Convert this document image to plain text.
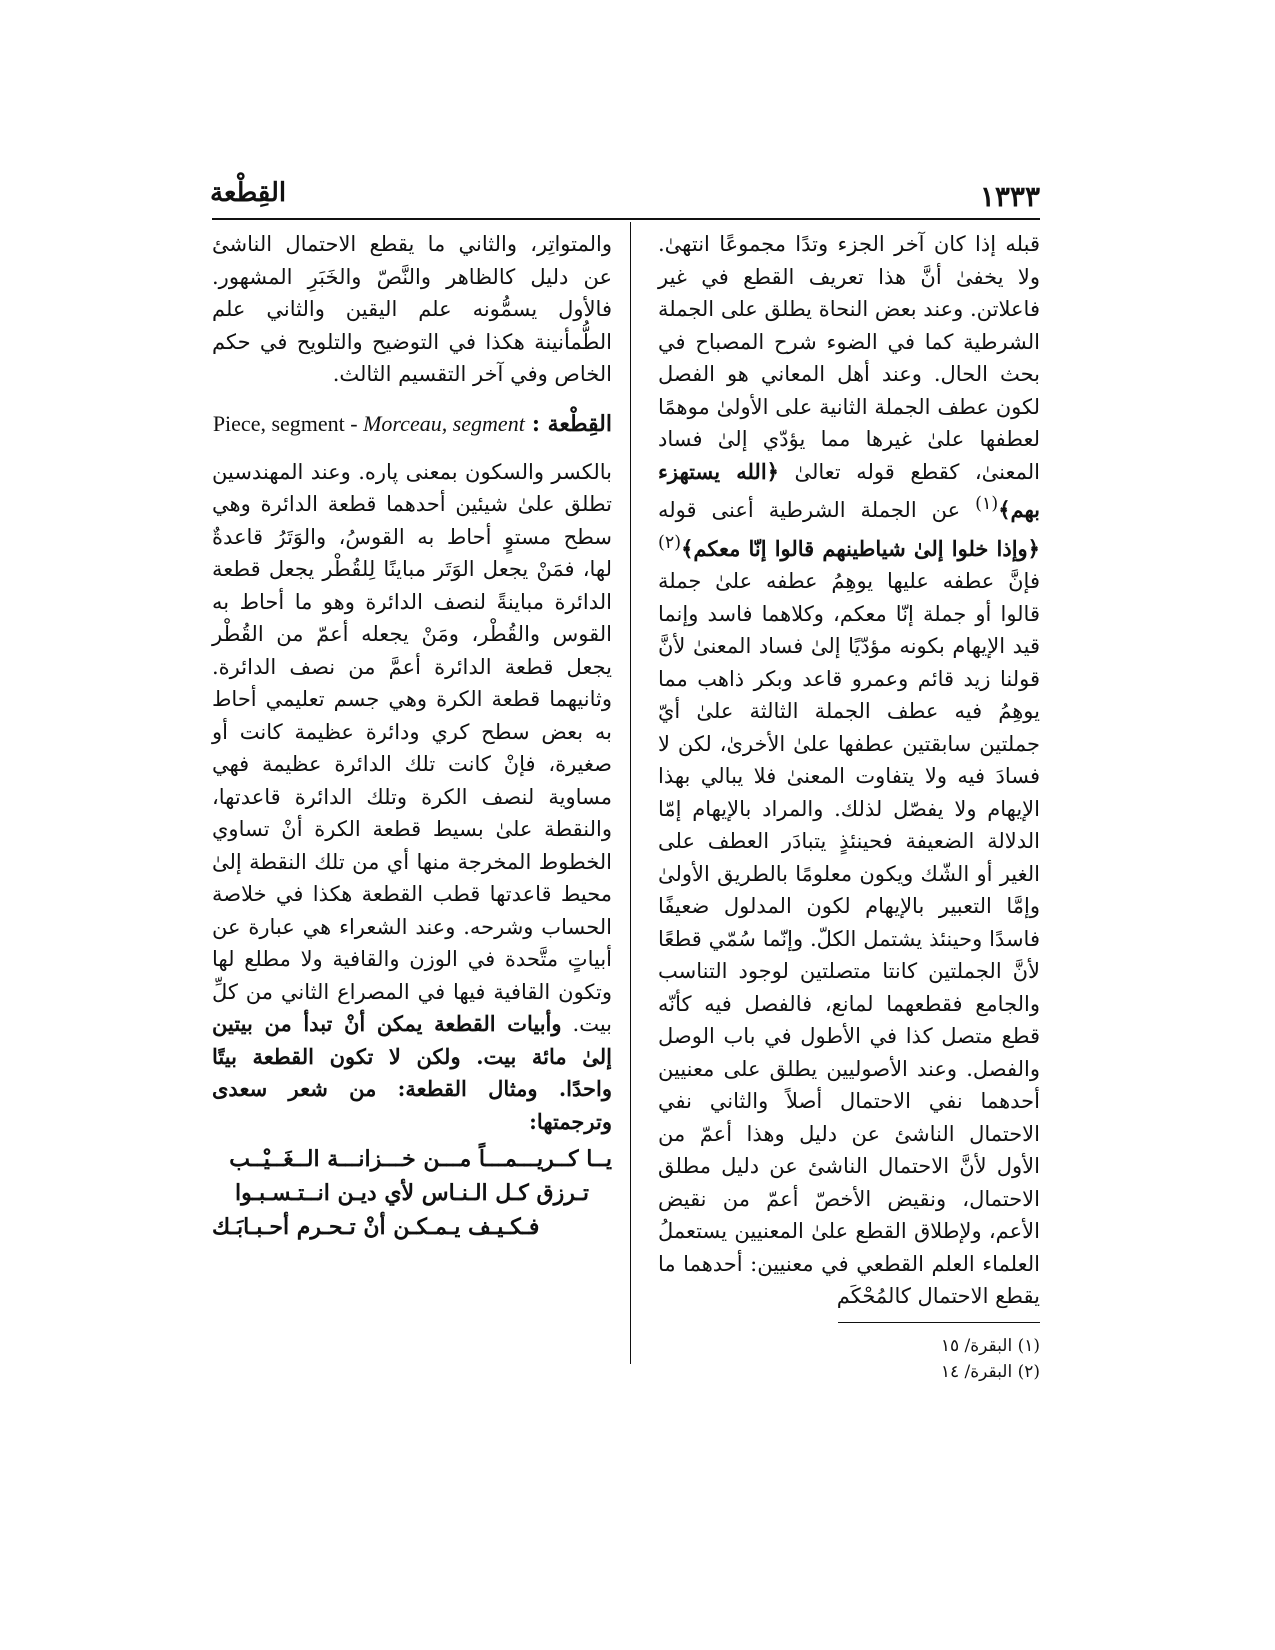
١٣٣٣
القِطْعة

قبله إذا كان آخر الجزء وتدًا مجموعًا انتهىٰ. ولا يخفىٰ أنَّ هذا تعريف القطع في غير فاعلاتن. وعند بعض النحاة يطلق على الجملة الشرطية كما في الضوء شرح المصباح في بحث الحال. وعند أهل المعاني هو الفصل لكون عطف الجملة الثانية على الأولىٰ موهمًا لعطفها علىٰ غيرها مما يؤدّي إلىٰ فساد المعنىٰ، كقطع قوله تعالىٰ ﴿الله يستهزء بهم﴾$^{(١)}$ عن الجملة الشرطية أعنى قوله ﴿وإذا خلوا إلىٰ شياطينهم قالوا إنّا معكم﴾$^{(٢)}$ فإنَّ عطفه عليها يوهِمُ عطفه علىٰ جملة قالوا أو جملة إنّا معكم، وكلاهما فاسد وإنما قيد الإيهام بكونه مؤدّيًا إلىٰ فساد المعنىٰ لأنَّ قولنا زيد قائم وعمرو قاعد وبكر ذاهب مما يوهِمُ فيه عطف الجملة الثالثة علىٰ أيّ جملتين سابقتين عطفها علىٰ الأخرىٰ، لكن لا فسادَ فيه ولا يتفاوت المعنىٰ فلا يبالي بهذا الإيهام ولا يفصّل لذلك. والمراد بالإيهام إمّا الدلالة الضعيفة فحينئذٍ يتبادَر العطف على الغير أو الشّك ويكون معلومًا بالطريق الأولىٰ وإمَّا التعبير بالإيهام لكون المدلول ضعيفًا فاسدًا وحينئذ يشتمل الكلّ. وإنّما سُمّي قطعًا لأنَّ الجملتين كانتا متصلتين لوجود التناسب والجامع فقطعهما لمانع، فالفصل فيه كأنّه قطع متصل كذا في الأطول في باب الوصل والفصل. وعند الأصوليين يطلق على معنيين أحدهما نفي الاحتمال أصلاً والثاني نفي الاحتمال الناشئ عن دليل وهذا أعمّ من الأول لأنَّ الاحتمال الناشئ عن دليل مطلق الاحتمال، ونقيض الأخصّ أعمّ من نقيض الأعم، ولإطلاق القطع علىٰ المعنيين يستعملُ العلماء العلم القطعي في معنيين: أحدهما ما يقطع الاحتمال كالمُحْكَم

والمتواتِر، والثاني ما يقطع الاحتمال الناشئ عن دليل كالظاهر والنَّصّ والخَبَرِ المشهور. فالأول يسمُّونه علم اليقين والثاني علم الطُّمأنينة هكذا في التوضيح والتلويح في حكم الخاص وفي آخر التقسيم الثالث.

القِطْعة : Piece, segment - Morceau, segment

بالكسر والسكون بمعنى پاره. وعند المهندسين تطلق علىٰ شيئين أحدهما قطعة الدائرة وهي سطح مستوٍ أحاط به القوسُ، والوَتَرُ قاعدةٌ لها، فمَنْ يجعل الوَتَر مباينًا لِلقُطْر يجعل قطعة الدائرة مباينةً لنصف الدائرة وهو ما أحاط به القوس والقُطْر، ومَنْ يجعله أعمّ من القُطْر يجعل قطعة الدائرة أعمَّ من نصف الدائرة. وثانيهما قطعة الكرة وهي جسم تعليمي أحاط به بعض سطح كري ودائرة عظيمة كانت أو صغيرة، فإنْ كانت تلك الدائرة عظيمة فهي مساوية لنصف الكرة وتلك الدائرة قاعدتها، والنقطة علىٰ بسيط قطعة الكرة أنْ تساوي الخطوط المخرجة منها أي من تلك النقطة إلىٰ محيط قاعدتها قطب القطعة هكذا في خلاصة الحساب وشرحه. وعند الشعراء هي عبارة عن أبياتٍ متَّحدة في الوزن والقافية ولا مطلع لها وتكون القافية فيها في المصراع الثاني من كلِّ بيت. وأبيات القطعة يمكن أنْ تبدأ من بيتين إلىٰ مائة بيت. ولكن لا تكون القطعة بيتًا واحدًا. ومثال القطعة: من شعر سعدى وترجمتها:

يــا كــريـــمـــاً مـــن خـــزانـــة الــغَــيْــب
تـرزق كـل الـنـاس لأي ديـن انــتـسـبـوا
فـكـيـف يـمـكـن أنْ تـحـرم أحـبـابَـك
(١) البقرة/ ١٥
(٢) البقرة/ ١٤
